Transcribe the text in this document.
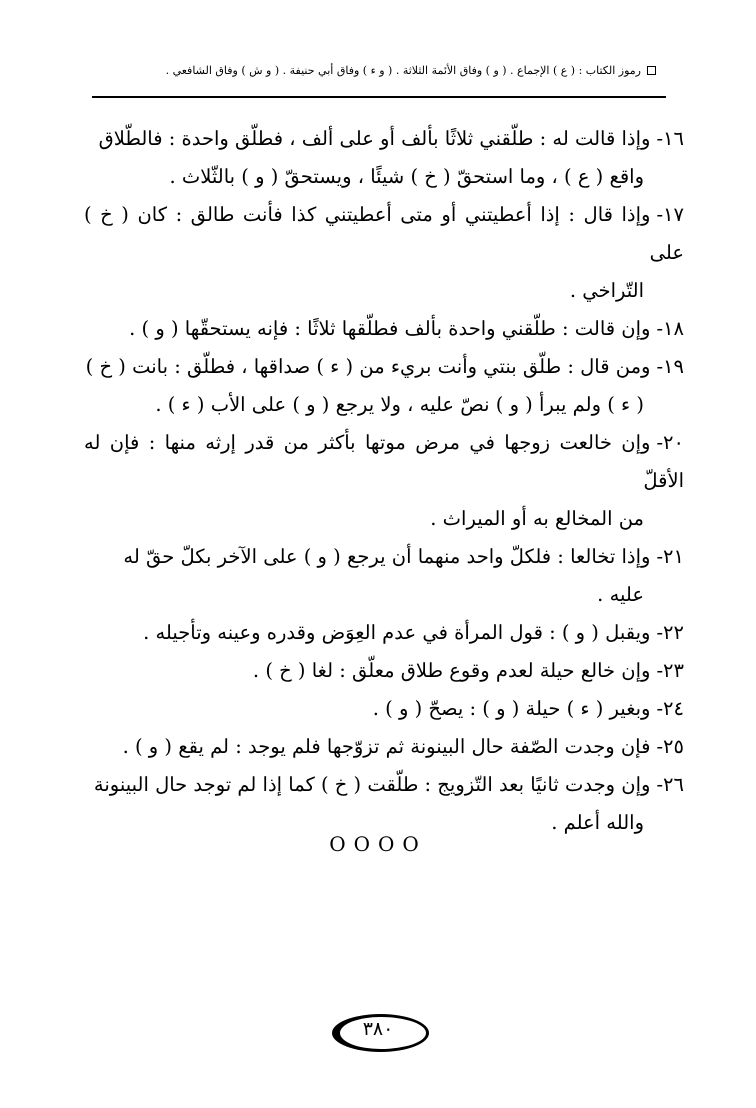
رموز الكتاب : ( ع ) الإجماع . ( و ) وفاق الأئمة الثلاثة . ( و ء ) وفاق أبي حنيفة . ( و ش ) وفاق الشافعي .
١٦-وإذا قالت له : طلّقني ثلاثًا بألف أو على ألف ، فطلّق واحدة : فالطّلاق
واقع ( ع ) ، وما استحقّ ( خ ) شيئًا ، ويستحقّ ( و ) بالثّلاث .
١٧-وإذا قال : إذا أعطيتني أو متى أعطيتني كذا فأنت طالق : كان ( خ ) على
التّراخي .
١٨-وإن قالت : طلّقني واحدة بألف فطلّقها ثلاثًا : فإنه يستحقّها ( و ) .
١٩-ومن قال : طلّق بنتي وأنت بريء من ( ء ) صداقها ، فطلّق : بانت ( خ )
( ء ) ولم يبرأ ( و ) نصّ عليه ، ولا يرجع ( و ) على الأب ( ء ) .
٢٠-وإن خالعت زوجها في مرض موتها بأكثر من قدر إرثه منها : فإن له الأقلّ
من المخالع به أو الميراث .
٢١-وإذا تخالعا : فلكلّ واحد منهما أن يرجع ( و ) على الآخر بكلّ حقّ له
عليه .
٢٢-ويقبل ( و ) : قول المرأة في عدم العِوَض وقدره وعينه وتأجيله .
٢٣-وإن خالع حيلة لعدم وقوع طلاق معلّق : لغا ( خ ) .
٢٤-وبغير ( ء ) حيلة ( و ) : يصحّ ( و ) .
٢٥-فإن وجدت الصّفة حال البينونة ثم تزوّجها فلم يوجد : لم يقع ( و ) .
٢٦-وإن وجدت ثانيًا بعد التّزويج : طلّقت ( خ ) كما إذا لم توجد حال البينونة
والله أعلم .
OOOO
٣٨٠
